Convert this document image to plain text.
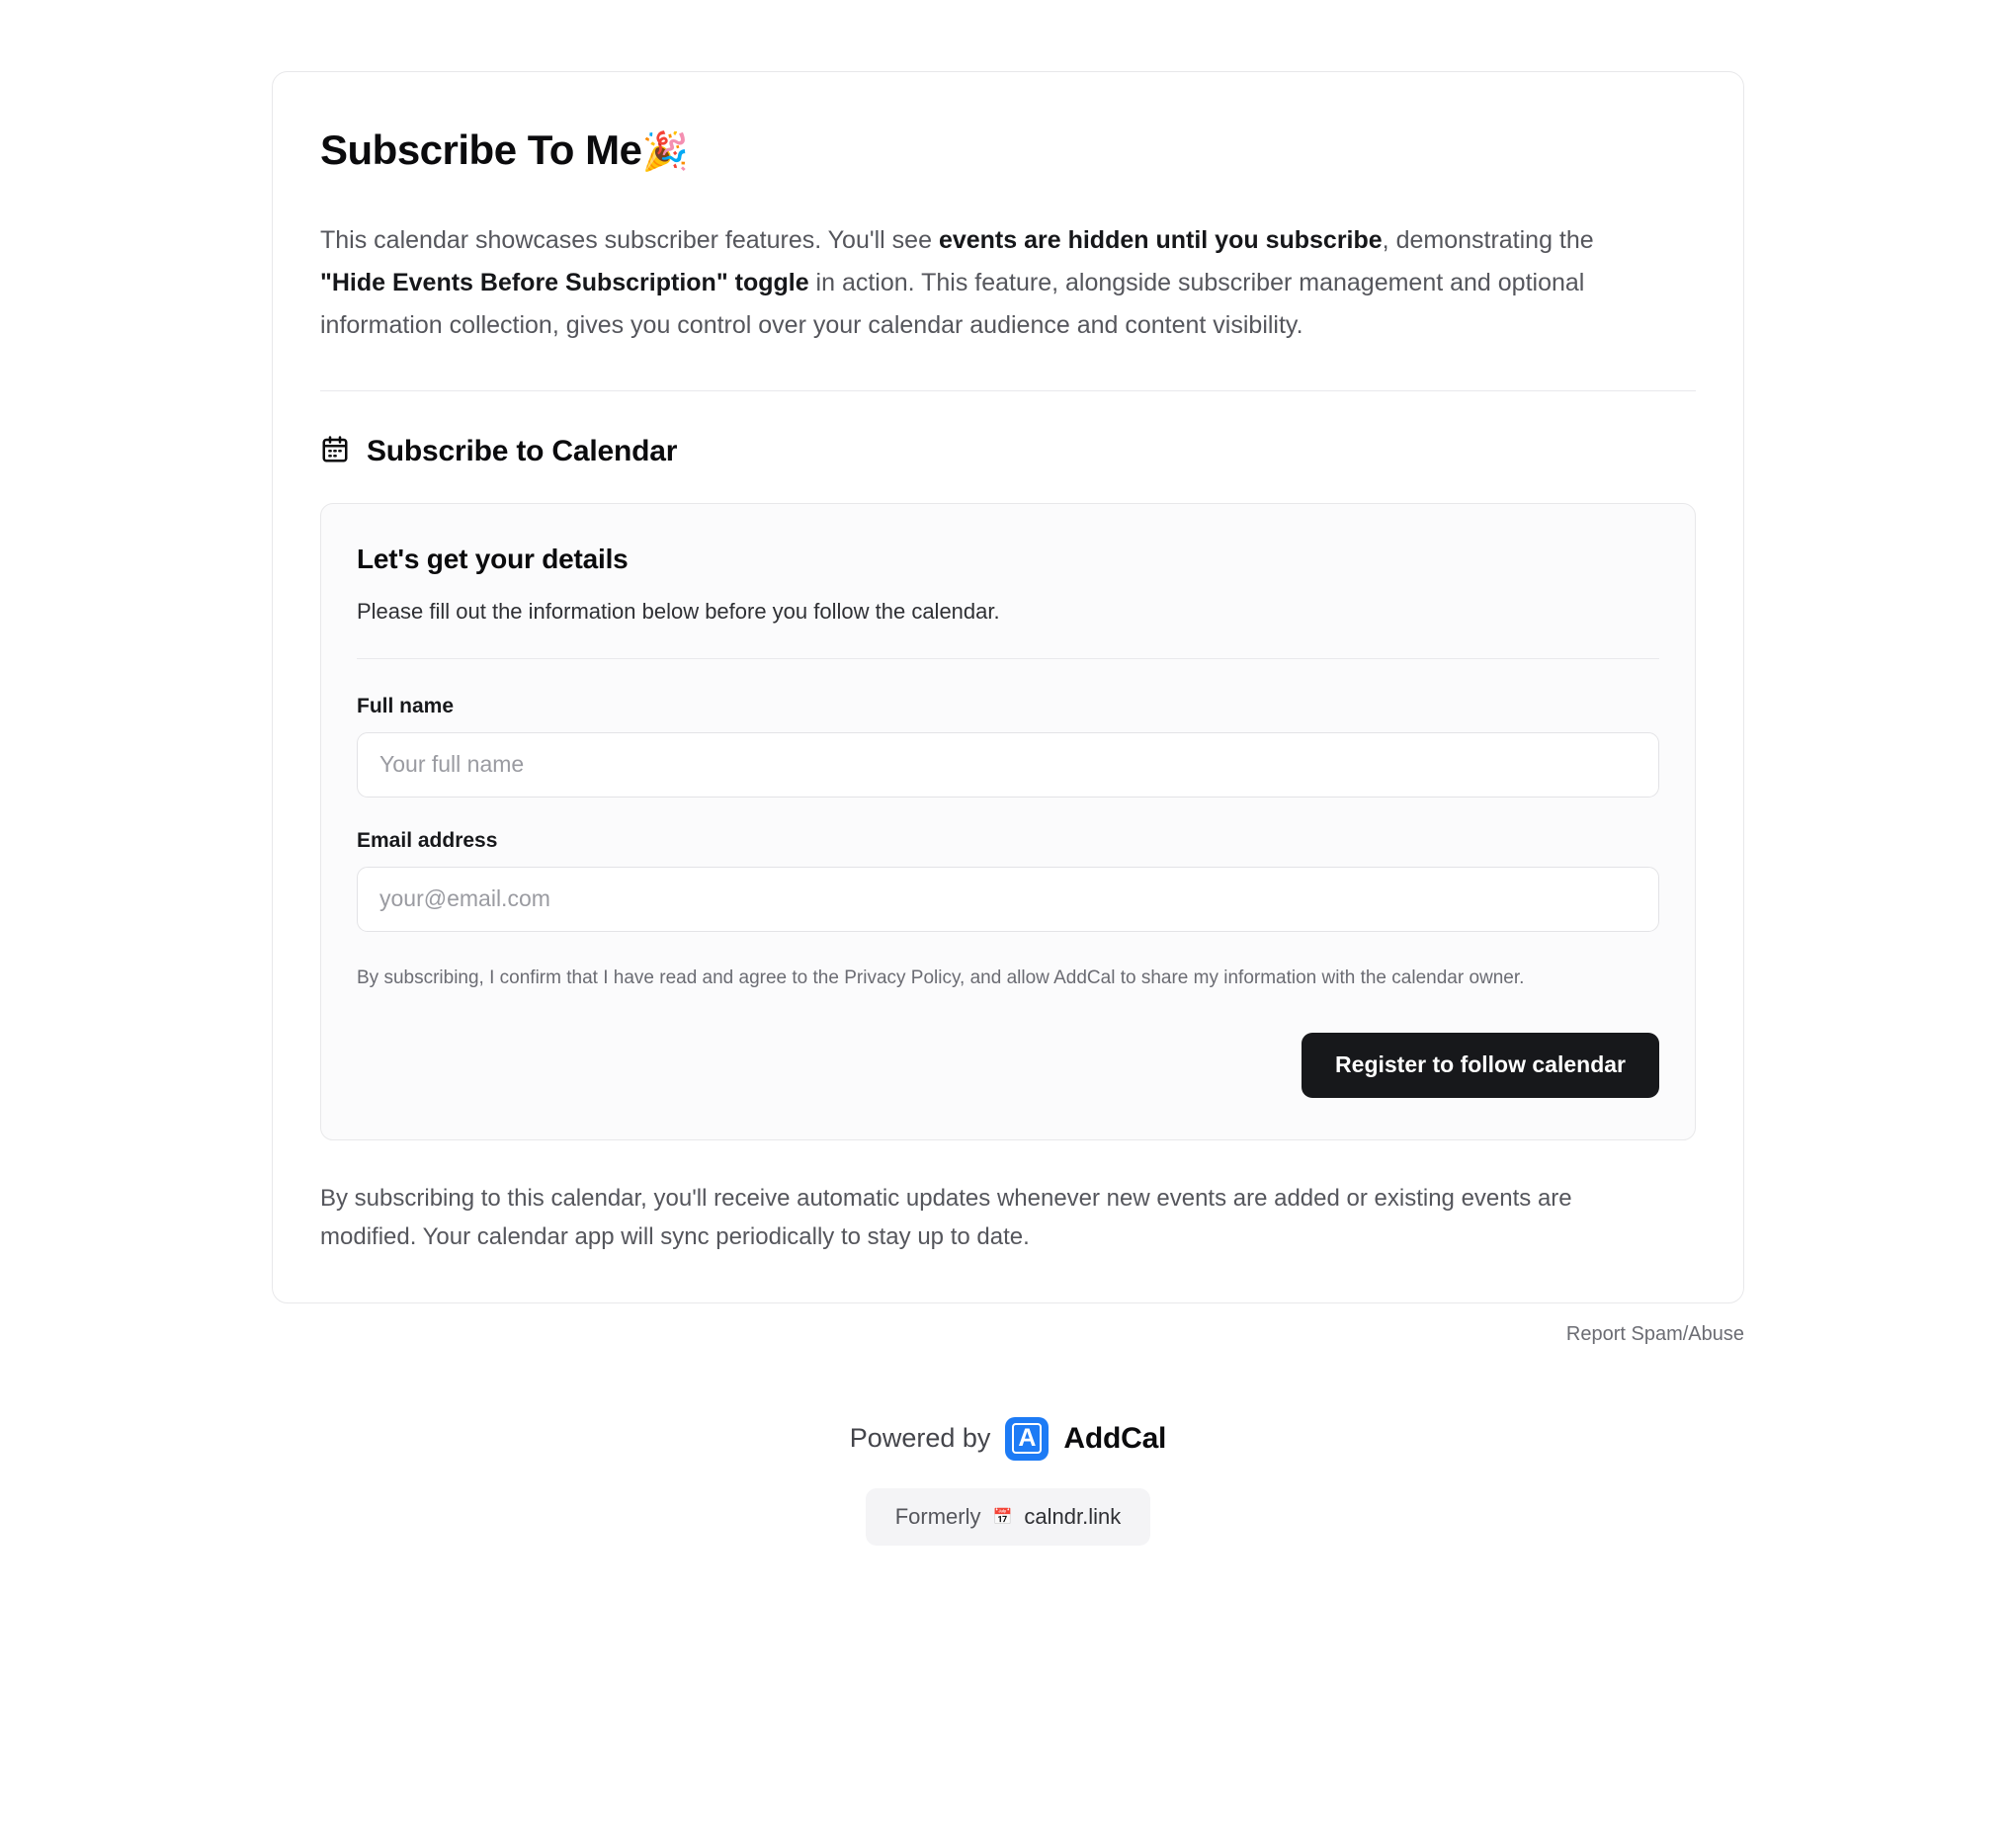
Subscribe To Me🎉

This calendar showcases subscriber features. You'll see events are hidden until you subscribe, demonstrating the "Hide Events Before Subscription" toggle in action. This feature, alongside subscriber management and optional information collection, gives you control over your calendar audience and content visibility.

Subscribe to Calendar
Let's get your details

Please fill out the information below before you follow the calendar.

Full name
Your full name
Email address
your@email.com

By subscribing, I confirm that I have read and agree to the Privacy Policy, and allow AddCal to share my information with the calendar owner.

Register to follow calendar

By subscribing to this calendar, you'll receive automatic updates whenever new events are added or existing events are modified. Your calendar app will sync periodically to stay up to date.

Report Spam/Abuse
Powered by A AddCal
Formerly 📅 calndr.link
